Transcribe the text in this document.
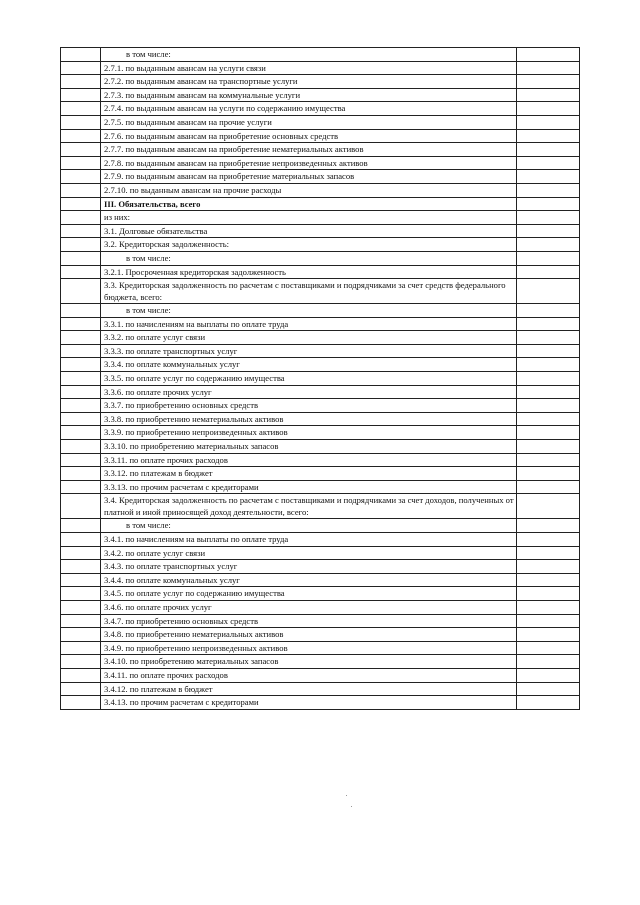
	в том числе:	
	2.7.1. по выданным авансам на услуги связи	
	2.7.2. по выданным авансам на транспортные услуги	
	2.7.3. по выданным авансам на коммунальные услуги	
	2.7.4. по выданным авансам на услуги по содержанию имущества	
	2.7.5. по выданным авансам на прочие услуги	
	2.7.6. по выданным авансам на приобретение основных средств	
	2.7.7. по выданным авансам на приобретение нематериальных активов	
	2.7.8. по выданным авансам на приобретение непроизведенных активов	
	2.7.9. по выданным авансам на приобретение материальных запасов	
	2.7.10. по выданным авансам на прочие расходы	
	III. Обязательства, всего	
	из них:	
	3.1. Долговые обязательства	
	3.2. Кредиторская задолженность:	
	в том числе:	
	3.2.1. Просроченная кредиторская задолженность	
	3.3. Кредиторская задолженность по расчетам с поставщиками и подрядчиками за счет средств федерального бюджета, всего:	
	в том числе:	
	3.3.1. по начислениям на выплаты по оплате труда	
	3.3.2. по оплате услуг связи	
	3.3.3. по оплате транспортных услуг	
	3.3.4. по оплате коммунальных услуг	
	3.3.5. по оплате услуг по содержанию имущества	
	3.3.6. по оплате прочих услуг	
	3.3.7. по приобретению основных средств	
	3.3.8. по приобретению нематериальных активов	
	3.3.9. по приобретению непроизведенных активов	
	3.3.10. по приобретению материальных запасов	
	3.3.11. по оплате прочих расходов	
	3.3.12. по платежам в бюджет	
	3.3.13. по прочим расчетам с кредиторами	
	3.4. Кредиторская задолженность по расчетам с поставщиками и подрядчиками за счет доходов, полученных от платной и иной приносящей доход деятельности, всего:	
	в том числе:	
	3.4.1. по начислениям на выплаты по оплате труда	
	3.4.2. по оплате услуг связи	
	3.4.3. по оплате транспортных услуг	
	3.4.4. по оплате коммунальных услуг	
	3.4.5. по оплате услуг по содержанию имущества	
	3.4.6. по оплате прочих услуг	
	3.4.7. по приобретению основных средств	
	3.4.8. по приобретению нематериальных активов	
	3.4.9. по приобретению непроизведенных активов	
	3.4.10. по приобретению материальных запасов	
	3.4.11. по оплате прочих расходов	
	3.4.12. по платежам в бюджет	
	3.4.13. по прочим расчетам с кредиторами	
